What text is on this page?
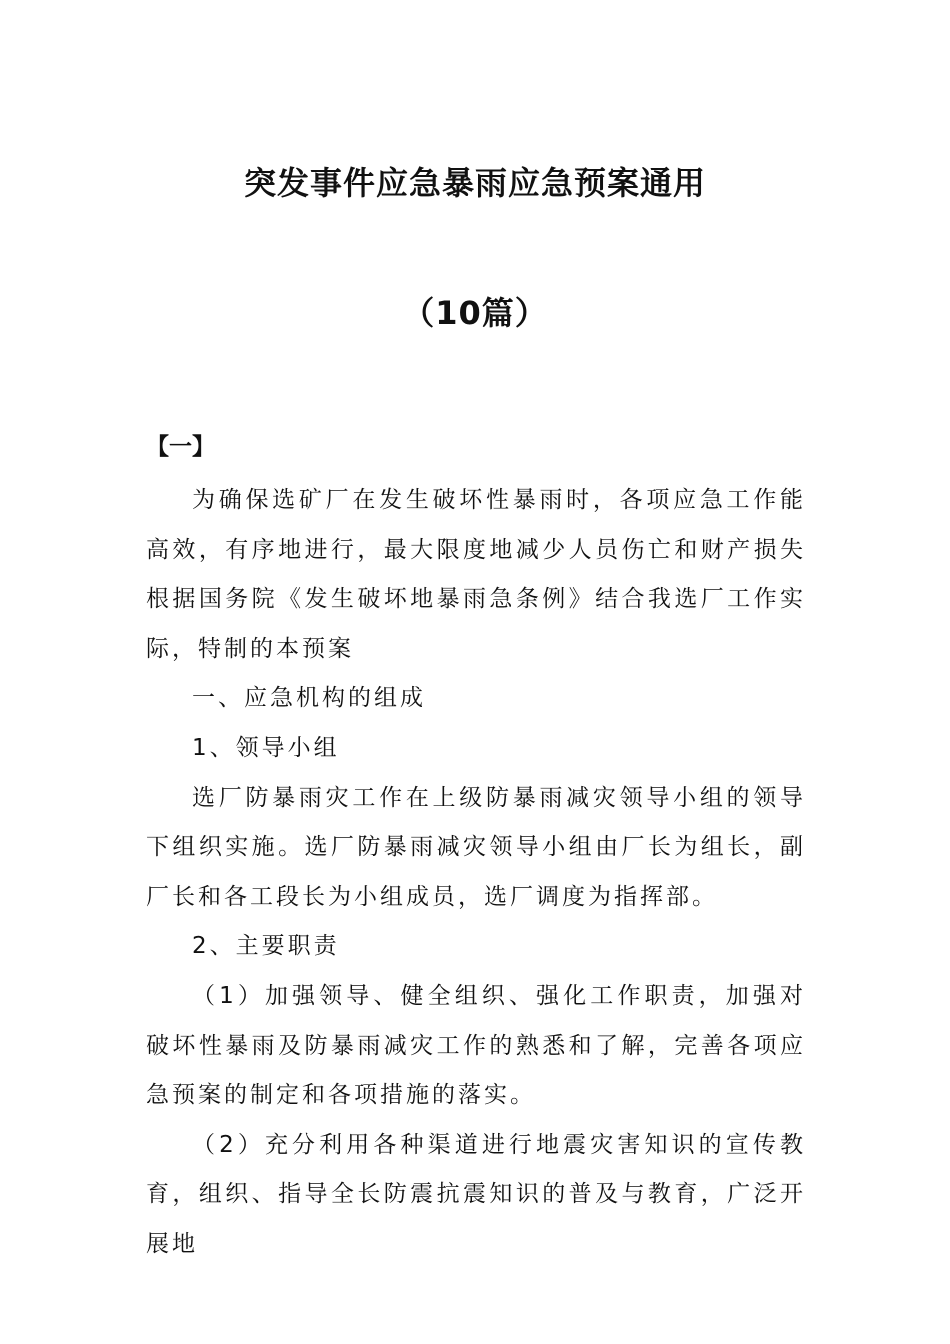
突发事件应急暴雨应急预案通用
（10篇）
【一】

为确保选矿厂在发生破坏性暴雨时，各项应急工作能高效，有序地进行，最大限度地减少人员伤亡和财产损失根据国务院《发生破坏地暴雨急条例》结合我选厂工作实际，特制的本预案

一、应急机构的组成

1、领导小组

选厂防暴雨灾工作在上级防暴雨减灾领导小组的领导下组织实施。选厂防暴雨减灾领导小组由厂长为组长，副厂长和各工段长为小组成员，选厂调度为指挥部。

2、主要职责

（1）加强领导、健全组织、强化工作职责，加强对破坏性暴雨及防暴雨减灾工作的熟悉和了解，完善各项应急预案的制定和各项措施的落实。

（2）充分利用各种渠道进行地震灾害知识的宣传教育，组织、指导全长防震抗震知识的普及与教育，广泛开展地
